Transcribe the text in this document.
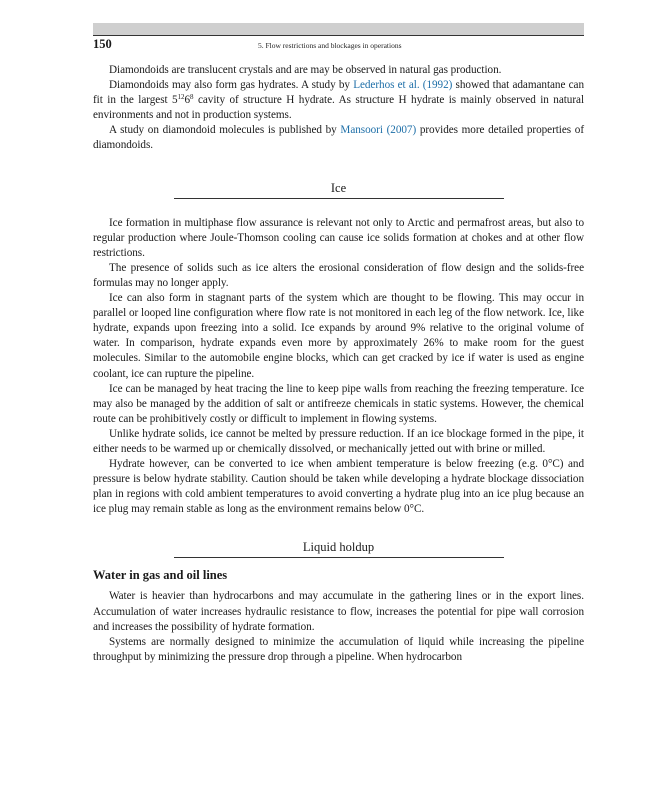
150	5. Flow restrictions and blockages in operations

Diamondoids are translucent crystals and are may be observed in natural gas production.

Diamondoids may also form gas hydrates. A study by Lederhos et al. (1992) showed that adamantane can fit in the largest $5^{12}6^8$ cavity of structure H hydrate. As structure H hydrate is mainly observed in natural environments and not in production systems.

A study on diamondoid molecules is published by Mansoori (2007) provides more detailed properties of diamondoids.

Ice

Ice formation in multiphase flow assurance is relevant not only to Arctic and permafrost areas, but also to regular production where Joule-Thomson cooling can cause ice solids formation at chokes and at other flow restrictions.

The presence of solids such as ice alters the erosional consideration of flow design and the solids-free formulas may no longer apply.

Ice can also form in stagnant parts of the system which are thought to be flowing. This may occur in parallel or looped line configuration where flow rate is not monitored in each leg of the flow network. Ice, like hydrate, expands upon freezing into a solid. Ice expands by around 9% relative to the original volume of water. In comparison, hydrate expands even more by approximately 26% to make room for the guest molecules. Similar to the automobile engine blocks, which can get cracked by ice if water is used as engine coolant, ice can rupture the pipeline.

Ice can be managed by heat tracing the line to keep pipe walls from reaching the freezing temperature. Ice may also be managed by the addition of salt or antifreeze chemicals in static systems. However, the chemical route can be prohibitively costly or difficult to implement in flowing systems.

Unlike hydrate solids, ice cannot be melted by pressure reduction. If an ice blockage formed in the pipe, it either needs to be warmed up or chemically dissolved, or mechanically jetted out with brine or milled.

Hydrate however, can be converted to ice when ambient temperature is below freezing (e.g. 0°C) and pressure is below hydrate stability. Caution should be taken while developing a hydrate blockage dissociation plan in regions with cold ambient temperatures to avoid converting a hydrate plug into an ice plug because an ice plug may remain stable as long as the environment remains below 0°C.

Liquid holdup
Water in gas and oil lines

Water is heavier than hydrocarbons and may accumulate in the gathering lines or in the export lines. Accumulation of water increases hydraulic resistance to flow, increases the potential for pipe wall corrosion and increases the possibility of hydrate formation.

Systems are normally designed to minimize the accumulation of liquid while increasing the pipeline throughput by minimizing the pressure drop through a pipeline. When hydrocarbon
